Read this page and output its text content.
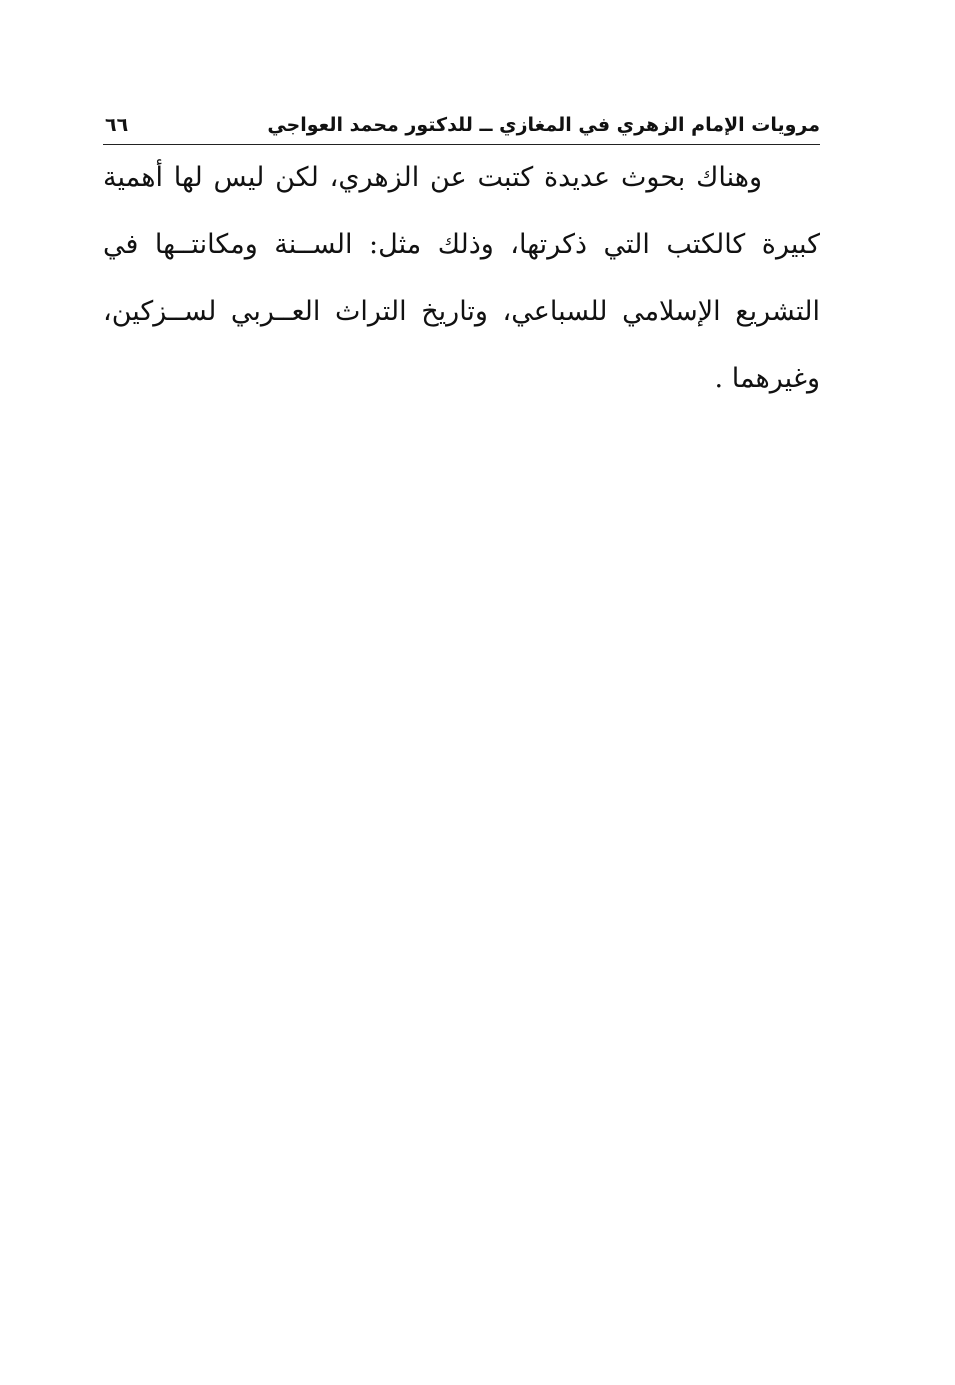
مرويات الإمام الزهري في المغازي ــ للدكتور محمد العواجي
٦٦
وهناك بحوث عديدة كتبت عن الزهري، لكن ليس لها أهمية
كبيرة كالكتب التي ذكرتها، وذلك مثل: الســنة ومكانتــها في
التشريع الإسلامي للسباعي، وتاريخ التراث العــربي لســزكين،
وغيرهما .
